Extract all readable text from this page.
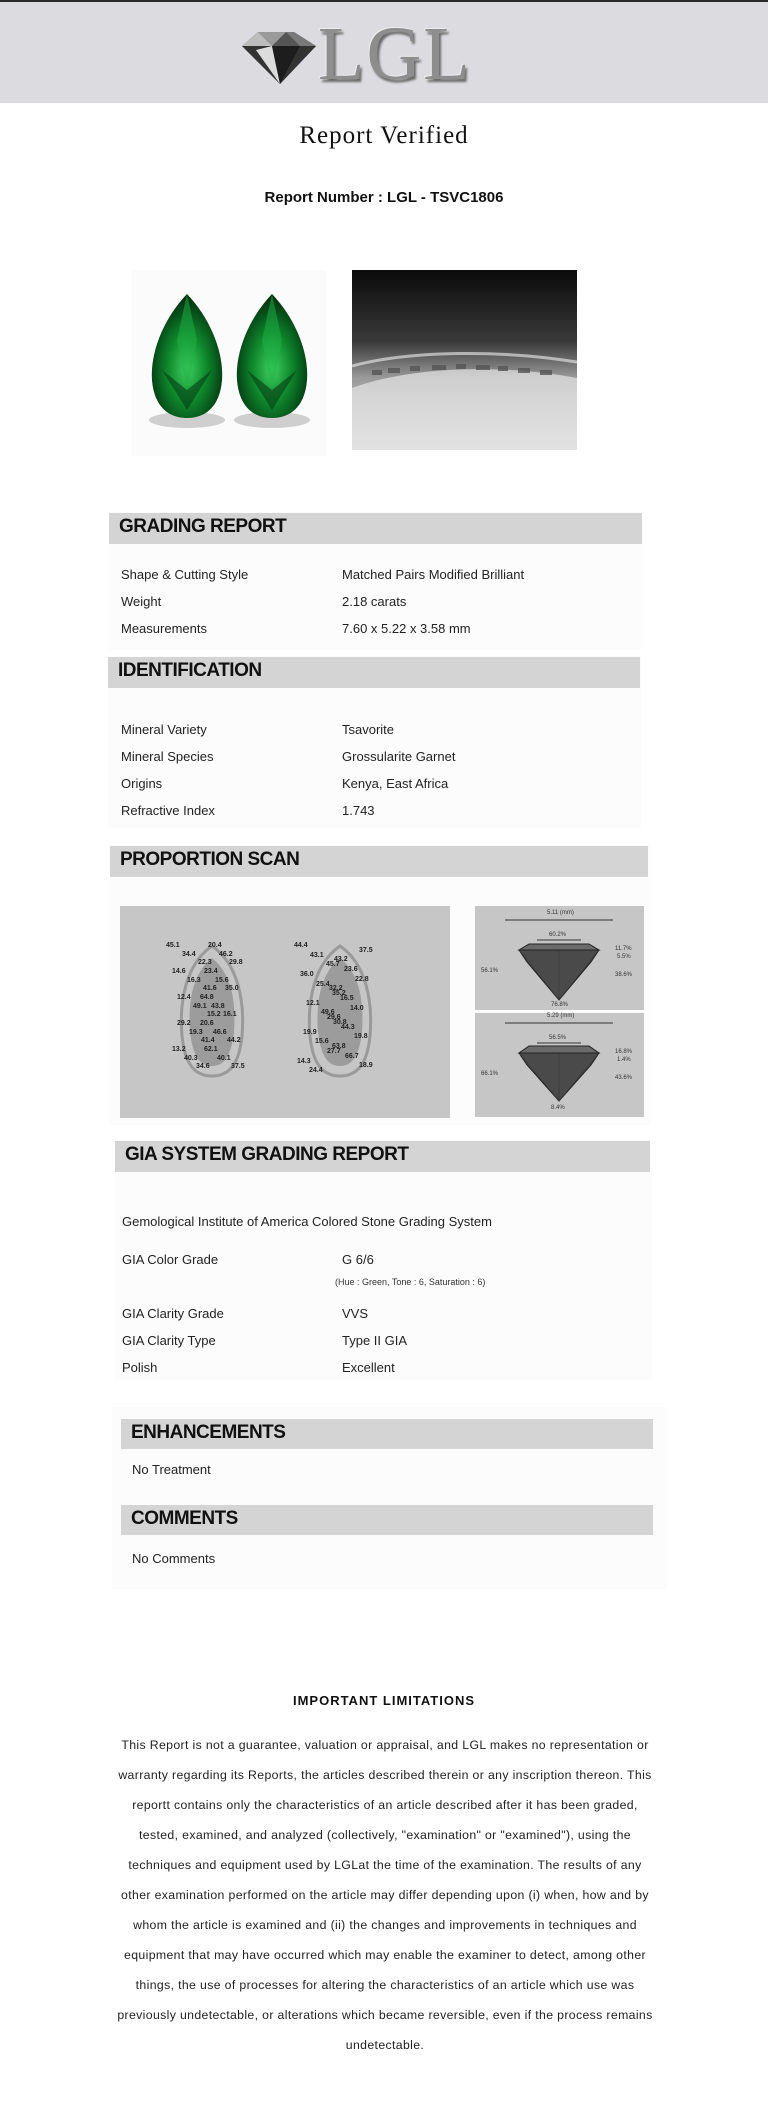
LGL
Report Verified
Report Number : LGL - TSVC1806
GRADING REPORT
Shape & Cutting Style	Matched Pairs Modified Brilliant
Weight	2.18 carats
Measurements	7.60 x 5.22 x 3.58 mm
IDENTIFICATION
Mineral Variety	Tsavorite
Mineral Species	Grossularite Garnet
Origins	Kenya, East Africa
Refractive Index	1.743
PROPORTION SCAN
45.1
34.4
22.3
14.6
16.3
41.6
12.4
49.1
15.2
29.2
19.3
41.4
13.2
40.3
34.6
20.4
46.2
29.8
23.4
15.6
35.0
64.8
43.8
16.1
20.6
46.6
44.2
62.1
40.1
37.5
44.4
43.1
45.7
36.0
25.4
35.2
12.1
49.6
30.8
19.9
15.6
27.7
14.3
24.4
37.5
43.2
23.6
22.8
32.2
16.5
14.0
29.6
44.3
19.8
63.8
66.7
18.9
5.11 (mm)
60.2%
56.1%
11.7%
5.5%
38.6%
76.8%
5.29 (mm)
56.5%
66.1%
16.8%
1.4%
43.6%
8.4%
GIA SYSTEM GRADING REPORT
Gemological Institute of America Colored Stone Grading System
GIA Color Grade	G 6/6
(Hue : Green, Tone : 6, Saturation : 6)
GIA Clarity Grade	VVS
GIA Clarity Type	Type II GIA
Polish	Excellent
ENHANCEMENTS
No Treatment
COMMENTS
No Comments
IMPORTANT LIMITATIONS
This Report is not a guarantee, valuation or appraisal, and LGL makes no representation or warranty regarding its Reports, the articles described therein or any inscription thereon. This reportt contains only the characteristics of an article described after it has been graded, tested, examined, and analyzed (collectively, "examination" or "examined"), using the techniques and equipment used by LGLat the time of the examination. The results of any other examination performed on the article may differ depending upon (i) when, how and by whom the article is examined and (ii) the changes and improvements in techniques and equipment that may have occurred which may enable the examiner to detect, among other things, the use of processes for altering the characteristics of an article which use was previously undetectable, or alterations which became reversible, even if the process remains undetectable.
